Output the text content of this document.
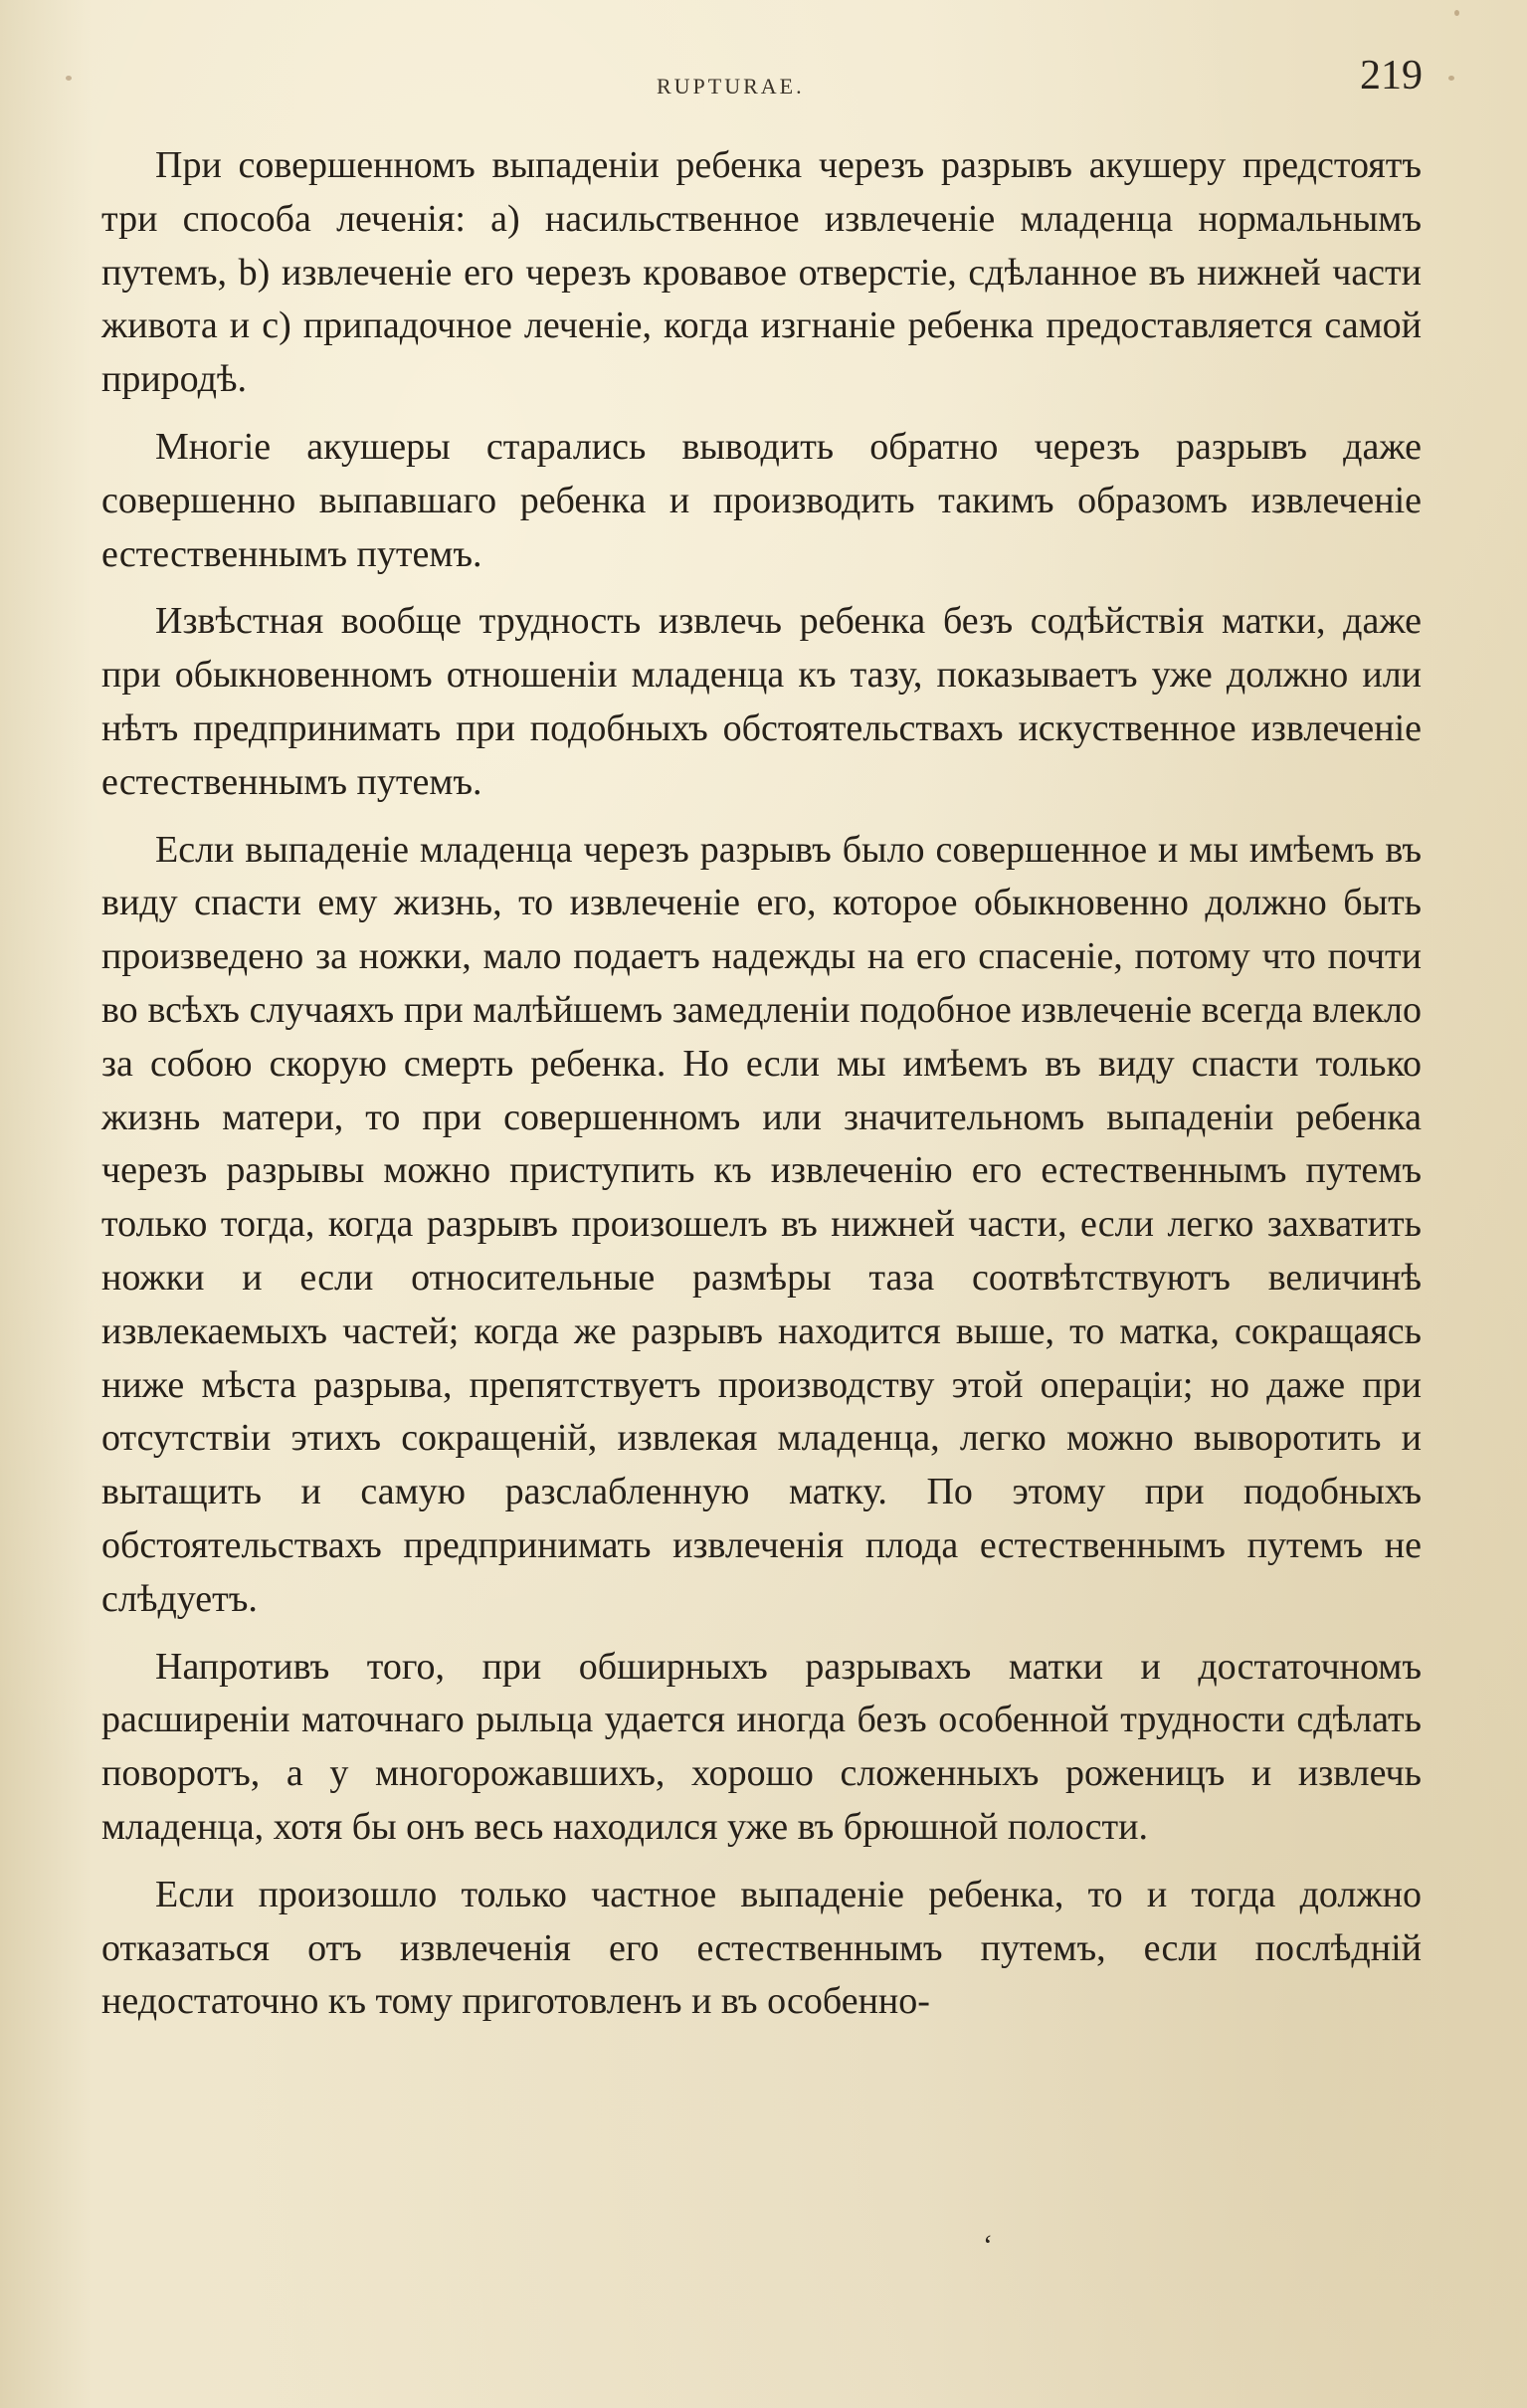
RUPTURAE.	219

При совершенномъ выпаденіи ребенка черезъ разрывъ акушеру предстоятъ три способа леченія: a) насильственное извлеченіе младенца нормальнымъ путемъ, b) извлеченіе его черезъ кровавое отверстіе, сдѣланное въ нижней части живота и c) припадочное леченіе, когда изгнаніе ребенка предоставляется самой природѣ.

Многіе акушеры старались выводить обратно черезъ разрывъ даже совершенно выпавшаго ребенка и производить такимъ образомъ извлеченіе естественнымъ путемъ.

Извѣстная вообще трудность извлечь ребенка безъ содѣйствія матки, даже при обыкновенномъ отношеніи младенца къ тазу, показываетъ уже должно или нѣтъ предпринимать при подобныхъ обстоятельствахъ искуственное извлеченіе естественнымъ путемъ.

Если выпаденіе младенца черезъ разрывъ было совершенное и мы имѣемъ въ виду спасти ему жизнь, то извлеченіе его, которое обыкновенно должно быть произведено за ножки, мало подаетъ надежды на его спасеніе, потому что почти во всѣхъ случаяхъ при малѣйшемъ замедленіи подобное извлеченіе всегда влекло за собою скорую смерть ребенка. Но если мы имѣемъ въ виду спасти только жизнь матери, то при совершенномъ или значительномъ выпаденіи ребенка черезъ разрывы можно приступить къ извлеченію его естественнымъ путемъ только тогда, когда разрывъ произошелъ въ нижней части, если легко захватить ножки и если относительные размѣры таза соотвѣтствуютъ величинѣ извлекаемыхъ частей; когда же разрывъ находится выше, то матка, сокращаясь ниже мѣста разрыва, препятствуетъ производству этой операціи; но даже при отсутствіи этихъ сокращеній, извлекая младенца, легко можно выворотить и вытащить и самую разслабленную матку. По этому при подобныхъ обстоятельствахъ предпринимать извлеченія плода естественнымъ путемъ не слѣдуетъ.

Напротивъ того, при обширныхъ разрывахъ матки и достаточномъ расширеніи маточнаго рыльца удается иногда безъ особенной трудности сдѣлать поворотъ, а у многорожавшихъ, хорошо сложенныхъ роженицъ и извлечь младенца, хотя бы онъ весь находился уже въ брюшной полости.

Если произошло только частное выпаденіе ребенка, то и тогда должно отказаться отъ извлеченія его естественнымъ путемъ, если послѣдній недостаточно къ тому приготовленъ и въ особенно-

‘
